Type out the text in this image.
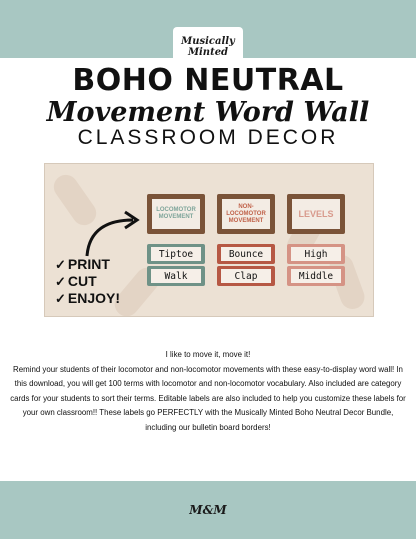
Musically
Minted
BOHO NEUTRAL
Movement Word Wall
CLASSROOM DECOR
✓ PRINT
✓ CUT
✓ ENJOY!
LOCOMOTOR MOVEMENT
NON-LOCOMOTOR MOVEMENT
LEVELS
Tiptoe
Walk
Bounce
Clap
High
Middle
I like to move it, move it!
Remind your students of their locomotor and non-locomotor movements with these easy-to-display word wall! In this download, you will get 100 terms with locomotor and non-locomotor vocabulary. Also included are category cards for your students to sort their terms. Editable labels are also included to help you customize these labels for your own classroom!! These labels go PERFECTLY with the Musically Minted Boho Neutral Decor Bundle, including our bulletin board borders!
M&M
